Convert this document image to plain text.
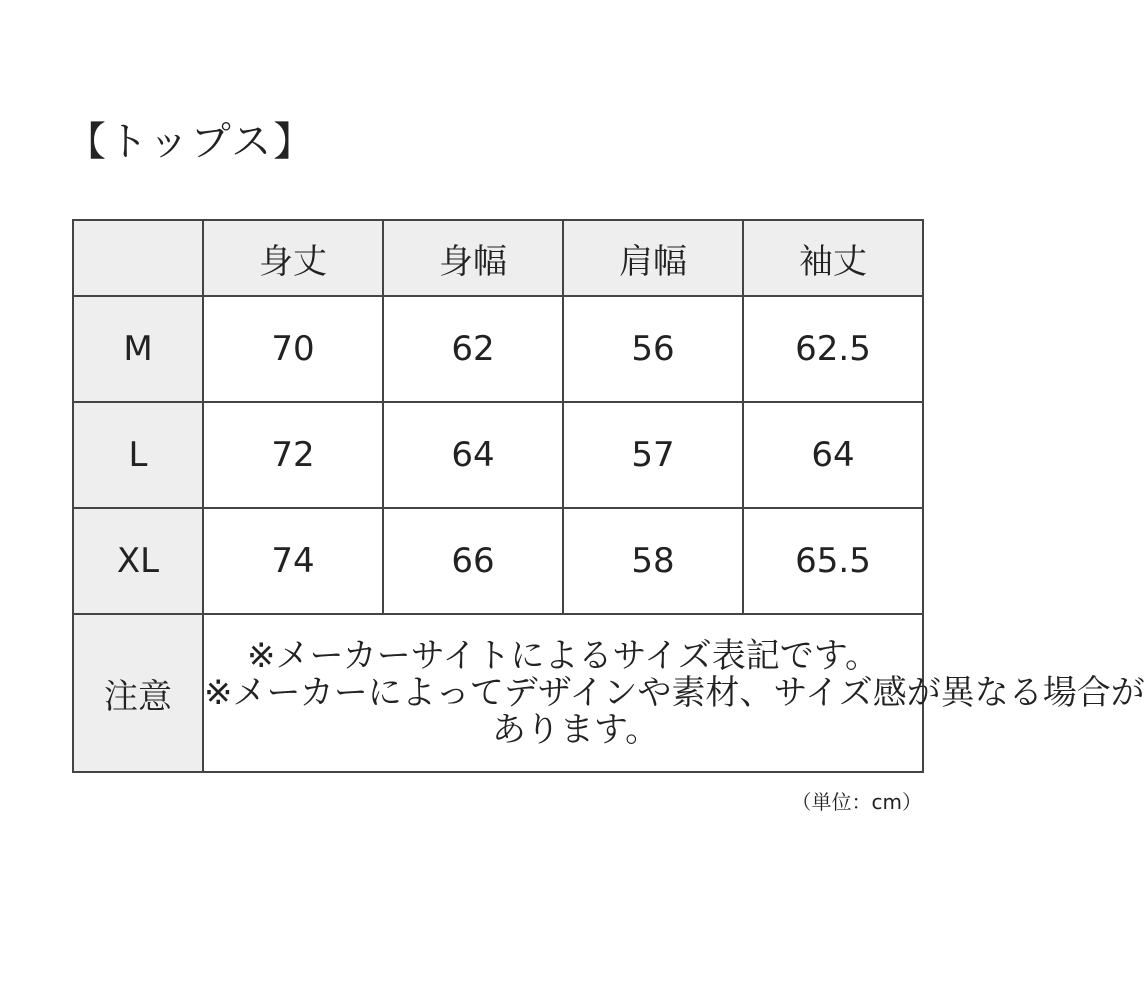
【トップス】
	身丈	身幅	肩幅	袖丈
M	70	62	56	62.5
L	72	64	57	64
XL	74	66	58	65.5
注意	※メーカーサイトによるサイズ表記です。
※メーカーによってデザインや素材、サイズ感が異なる場合が
あります。			
（単位：cm）
